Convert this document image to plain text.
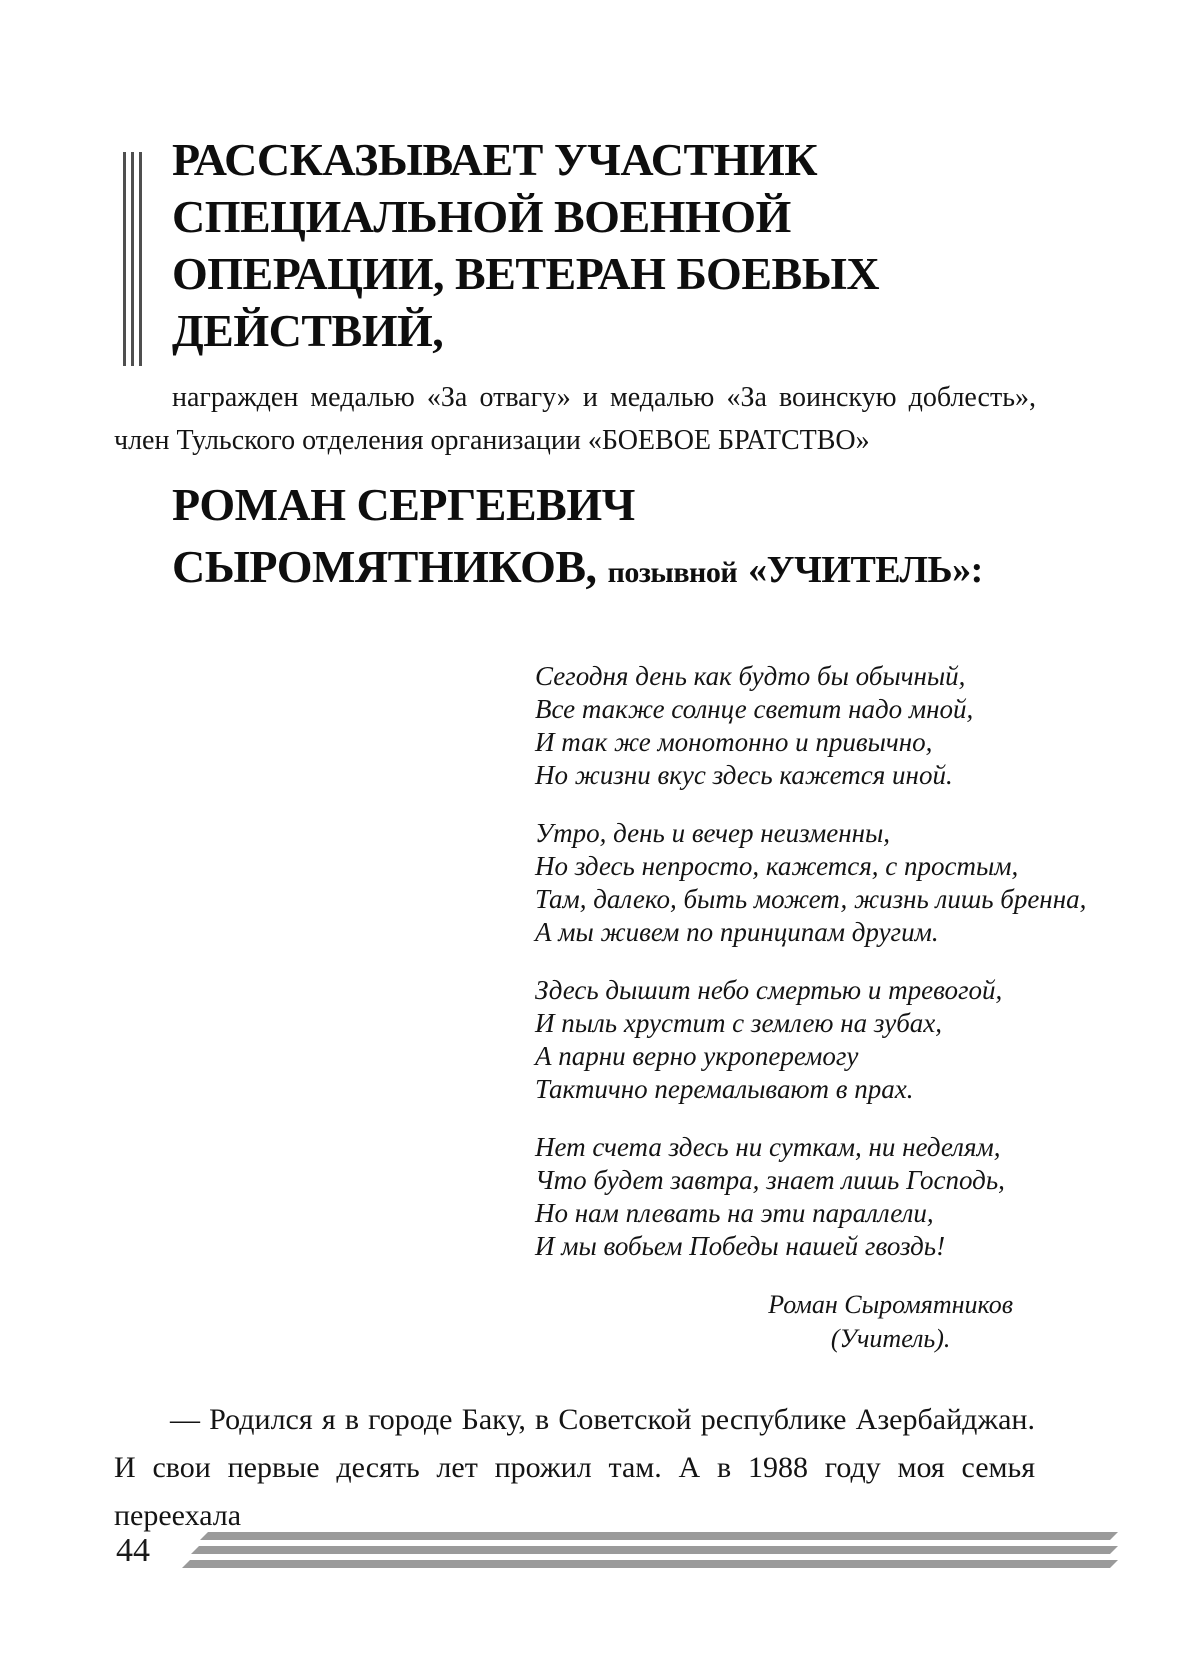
РАССКАЗЫВАЕТ УЧАСТНИК
СПЕЦИАЛЬНОЙ ВОЕННОЙ
ОПЕРАЦИИ, ВЕТЕРАН БОЕВЫХ
ДЕЙСТВИЙ,
награжден медалью «За отвагу» и медалью «За воинскую доблесть»,
член Тульского отделения организации «БОЕВОЕ БРАТСТВО»
РОМАН СЕРГЕЕВИЧ
СЫРОМЯТНИКОВ, позывной «УЧИТЕЛЬ»:
Сегодня день как будто бы обычный,
Все также солнце светит надо мной,
И так же монотонно и привычно,
Но жизни вкус здесь кажется иной.
Утро, день и вечер неизменны,
Но здесь непросто, кажется, с простым,
Там, далеко, быть может, жизнь лишь бренна,
А мы живем по принципам другим.
Здесь дышит небо смертью и тревогой,
И пыль хрустит с землею на зубах,
А парни верно укроперемогу
Тактично перемалывают в прах.
Нет счета здесь ни суткам, ни неделям,
Что будет завтра, знает лишь Господь,
Но нам плевать на эти параллели,
И мы вобьем Победы нашей гвоздь!
Роман Сыромятников
(Учитель).
— Родился я в городе Баку, в Советской республике Азербайджан.
И свои первые десять лет прожил там. А в 1988 году моя семья переехала
44
